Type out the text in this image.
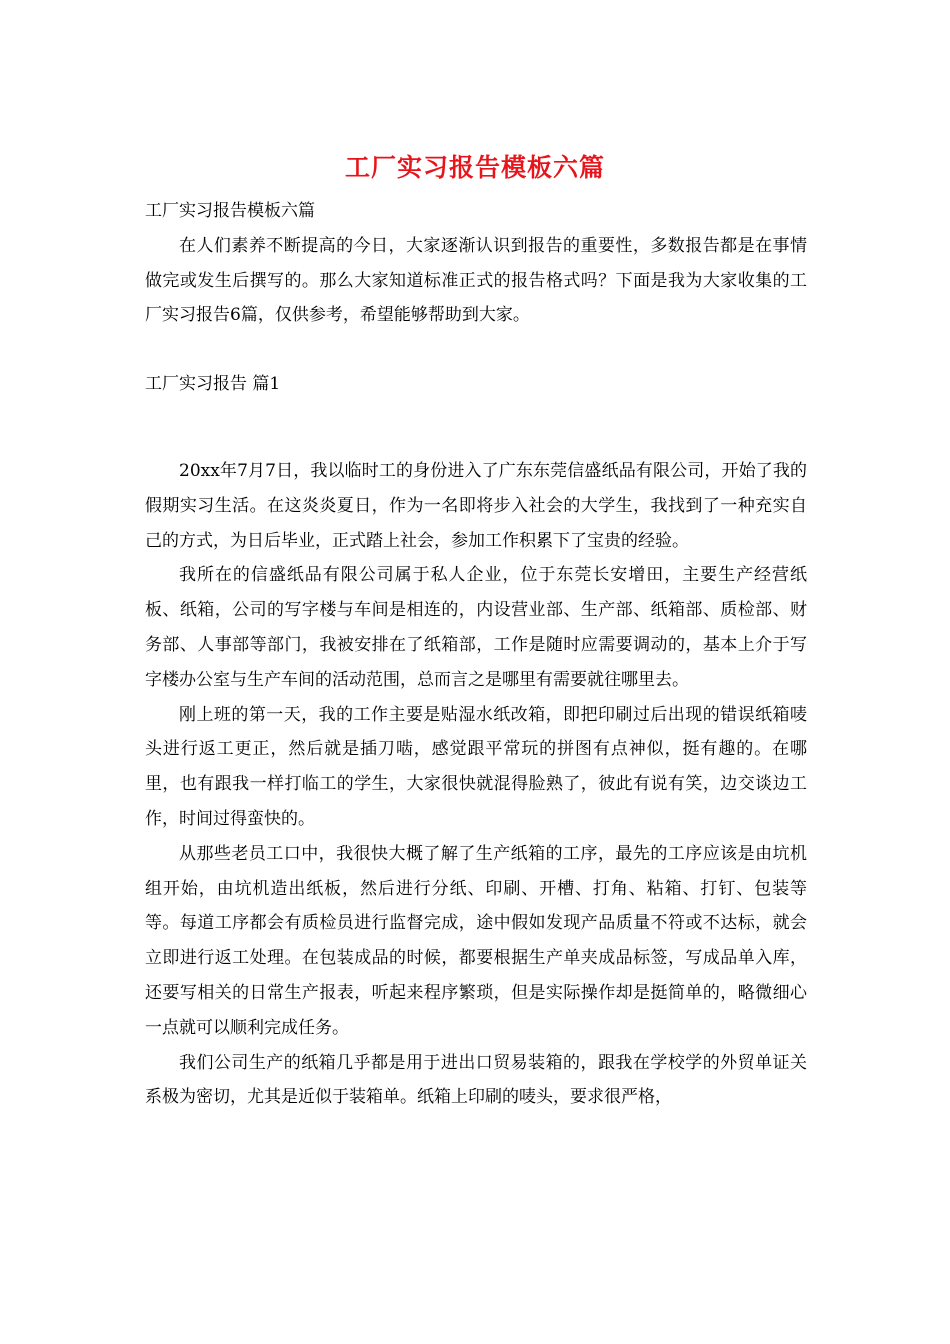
工厂实习报告模板六篇

工厂实习报告模板六篇

在人们素养不断提高的今日，大家逐渐认识到报告的重要性，多数报告都是在事情做完或发生后撰写的。那么大家知道标准正式的报告格式吗？下面是我为大家收集的工厂实习报告6篇，仅供参考，希望能够帮助到大家。

工厂实习报告 篇1

20xx年7月7日，我以临时工的身份进入了广东东莞信盛纸品有限公司，开始了我的假期实习生活。在这炎炎夏日，作为一名即将步入社会的大学生，我找到了一种充实自己的方式，为日后毕业，正式踏上社会，参加工作积累下了宝贵的经验。

我所在的信盛纸品有限公司属于私人企业，位于东莞长安增田，主要生产经营纸板、纸箱，公司的写字楼与车间是相连的，内设营业部、生产部、纸箱部、质检部、财务部、人事部等部门，我被安排在了纸箱部，工作是随时应需要调动的，基本上介于写字楼办公室与生产车间的活动范围，总而言之是哪里有需要就往哪里去。

刚上班的第一天，我的工作主要是贴湿水纸改箱，即把印刷过后出现的错误纸箱唛头进行返工更正，然后就是插刀啮，感觉跟平常玩的拼图有点神似，挺有趣的。在哪里，也有跟我一样打临工的学生，大家很快就混得脸熟了，彼此有说有笑，边交谈边工作，时间过得蛮快的。

从那些老员工口中，我很快大概了解了生产纸箱的工序，最先的工序应该是由坑机组开始，由坑机造出纸板，然后进行分纸、印刷、开槽、打角、粘箱、打钉、包装等等。每道工序都会有质检员进行监督完成，途中假如发现产品质量不符或不达标，就会立即进行返工处理。在包装成品的时候，都要根据生产单夹成品标签，写成品单入库，还要写相关的日常生产报表，听起来程序繁琐，但是实际操作却是挺简单的，略微细心一点就可以顺利完成任务。

我们公司生产的纸箱几乎都是用于进出口贸易装箱的，跟我在学校学的外贸单证关系极为密切，尤其是近似于装箱单。纸箱上印刷的唛头，要求很严格，
